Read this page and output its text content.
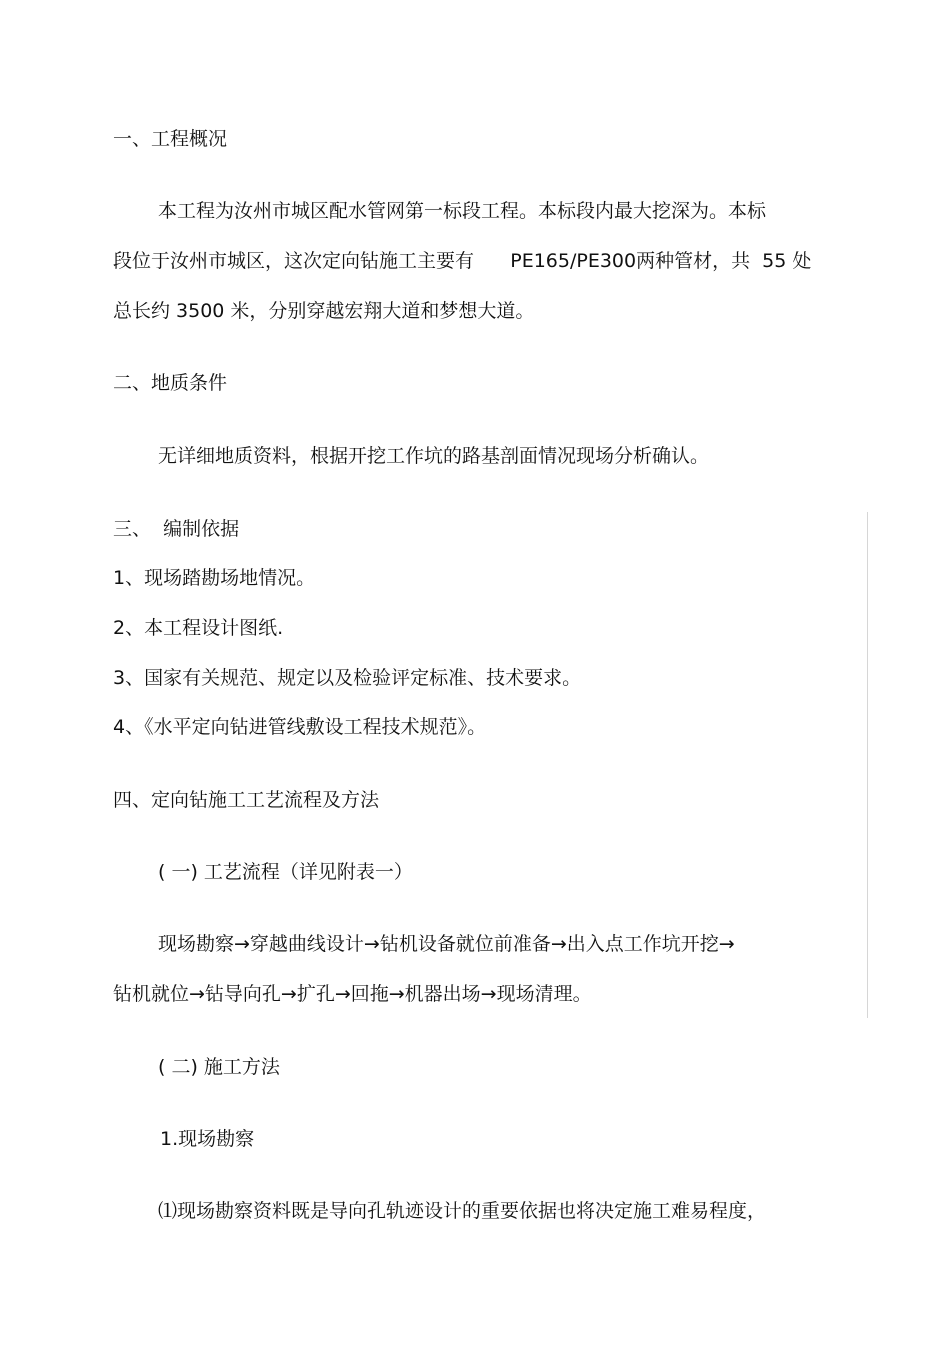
一、工程概况
本工程为汝州市城区配水管网第一标段工程。本标段内最大挖深为。本标
段位于汝州市城区，这次定向钻施工主要有      PE165/PE300两种管材，共  55 处
总长约 3500 米，分别穿越宏翔大道和梦想大道。
二、地质条件
无详细地质资料，根据开挖工作坑的路基剖面情况现场分析确认。
三、  编制依据
1、现场踏勘场地情况。
2、本工程设计图纸.
3、国家有关规范、规定以及检验评定标准、技术要求。
4、《水平定向钻进管线敷设工程技术规范》。
四、定向钻施工工艺流程及方法
( 一) 工艺流程（详见附表一）
现场勘察→穿越曲线设计→钻机设备就位前准备→出入点工作坑开挖→
钻机就位→钻导向孔→扩孔→回拖→机器出场→现场清理。
( 二) 施工方法
1.现场勘察
⑴现场勘察资料既是导向孔轨迹设计的重要依据也将决定施工难易程度，
